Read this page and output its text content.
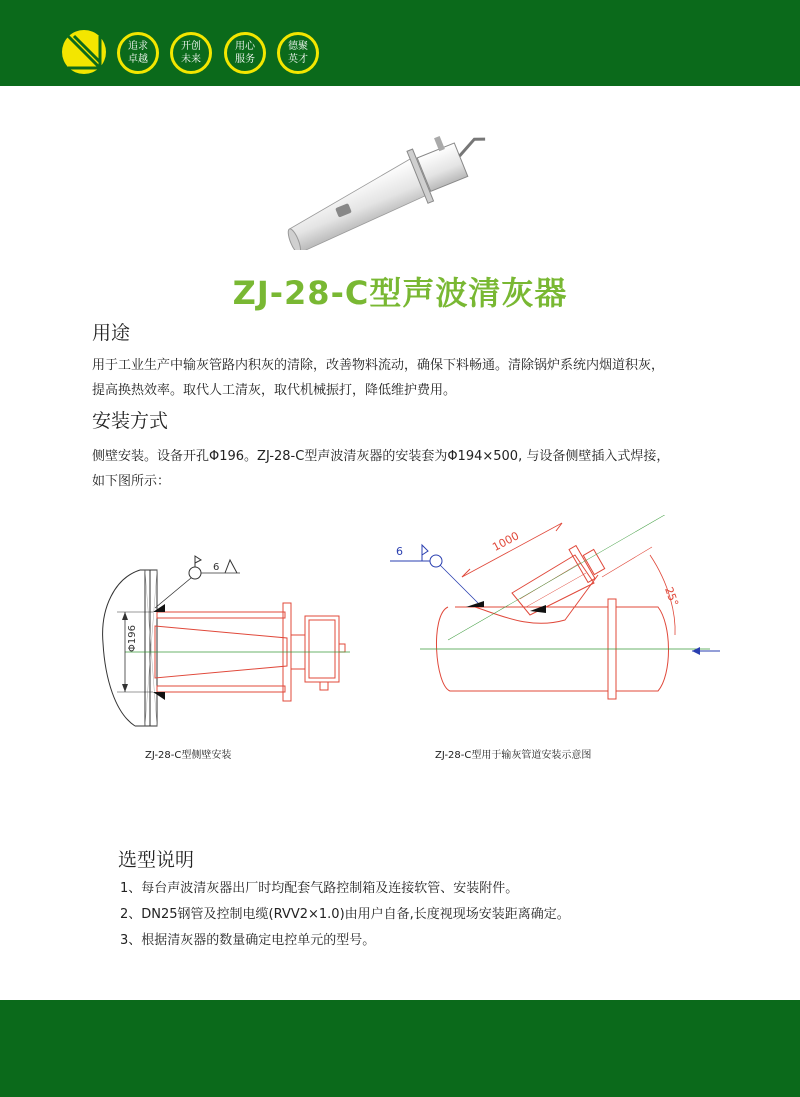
追求
卓越
开创
未来
用心
服务
德聚
英才
ZJ-28-C型声波清灰器
用途
用于工业生产中输灰管路内积灰的清除，改善物料流动，确保下料畅通。清除锅炉系统内烟道积灰，
提高换热效率。取代人工清灰，取代机械振打，降低维护费用。
安装方式
侧壁安装。设备开孔Φ196。ZJ-28-C型声波清灰器的安装套为Φ194×500, 与设备侧壁插入式焊接，
如下图所示：
Φ196
6
ZJ-28-C型侧壁安装
1000
25°
6
ZJ-28-C型用于输灰管道安装示意图
选型说明
1、每台声波清灰器出厂时均配套气路控制箱及连接软管、安装附件。
2、DN25钢管及控制电缆(RVV2×1.0)由用户自备,长度视现场安装距离确定。
3、根据清灰器的数量确定电控单元的型号。
